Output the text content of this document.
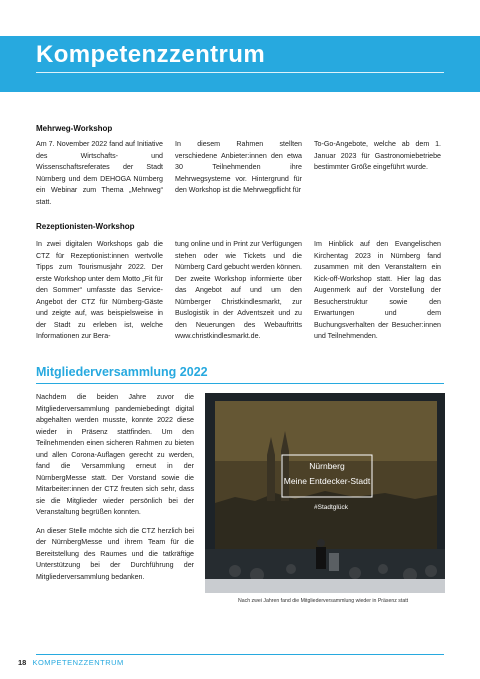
Kompetenzzentrum
Mehrweg-Workshop

Am 7. November 2022 fand auf Initiative des Wirtschafts- und Wissenschaftsreferates der Stadt Nürnberg und dem DEHOGA Nürnberg ein Webinar zum Thema „Mehrweg“ statt.

In diesem Rahmen stellten verschiedene Anbieter:innen den etwa 30 Teilnehmenden ihre Mehrwegsysteme vor. Hintergrund für den Workshop ist die Mehrwegpflicht für

To-Go-Angebote, welche ab dem 1. Januar 2023 für Gastronomiebetriebe bestimmter Größe eingeführt wurde.

Rezeptionisten-Workshop

In zwei digitalen Workshops gab die CTZ für Rezeptionist:innen wertvolle Tipps zum Tourismusjahr 2022. Der erste Workshop unter dem Motto „Fit für den Sommer“ umfasste das Service-Angebot der CTZ für Nürnberg-Gäste und zeigte auf, was beispielsweise in der Stadt zu erleben ist, welche Informationen zur Bera-

tung online und in Print zur Verfügungen stehen oder wie Tickets und die Nürnberg Card gebucht werden können. Der zweite Workshop informierte über das Angebot auf und um den Nürnberger Christkindlesmarkt, zur Buslogistik in der Adventszeit und zu den Neuerungen des Webauftritts www.christkindlesmarkt.de.

Im Hinblick auf den Evangelischen Kirchentag 2023 in Nürnberg fand zusammen mit den Veranstaltern ein Kick-off-Workshop statt. Hier lag das Augenmerk auf der Vorstellung der Besucherstruktur sowie den Erwartungen und dem Buchungsverhalten der Besucher:innen und Teilnehmenden.

Mitgliederversammlung 2022

Nachdem die beiden Jahre zuvor die Mitgliederversammlung pandemiebedingt digital abgehalten werden musste, konnte 2022 diese wieder in Präsenz stattfinden. Um den Teilnehmenden einen sicheren Rahmen zu bieten und allen Corona-Auflagen gerecht zu werden, fand die Versammlung erneut in der NürnbergMesse statt. Der Vorstand sowie die Mitarbeiter:innen der CTZ freuten sich sehr, dass sie die Mitglieder wieder persönlich bei der Veranstaltung begrüßen konnten.

An dieser Stelle möchte sich die CTZ herzlich bei der NürnbergMesse und ihrem Team für die Bereitstellung des Raumes und die tatkräftige Unterstützung bei der Durchführung der Mitgliederversammlung bedanken.

Nürnberg
Meine Entdecker-Stadt
#Stadtglück
Nach zwei Jahren fand die Mitgliederversammlung wieder in Präsenz statt
18 KOMPETENZZENTRUM
